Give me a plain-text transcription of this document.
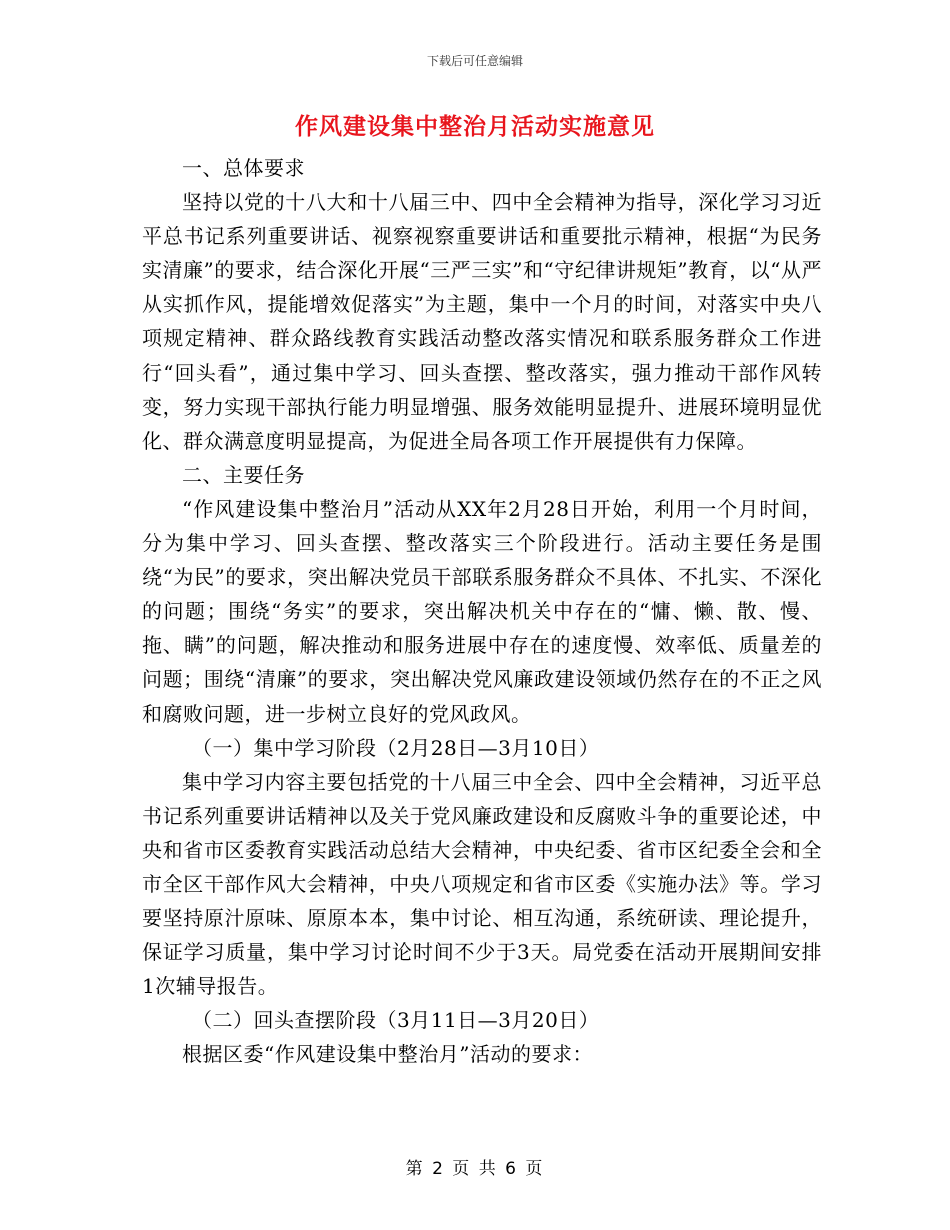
下载后可任意编辑
作风建设集中整治月活动实施意见

一、总体要求

坚持以党的十八大和十八届三中、四中全会精神为指导，深化学习习近平总书记系列重要讲话、视察视察重要讲话和重要批示精神，根据“为民务实清廉”的要求，结合深化开展“三严三实”和“守纪律讲规矩”教育，以“从严从实抓作风，提能增效促落实”为主题，集中一个月的时间，对落实中央八项规定精神、群众路线教育实践活动整改落实情况和联系服务群众工作进行“回头看”，通过集中学习、回头查摆、整改落实，强力推动干部作风转变，努力实现干部执行能力明显增强、服务效能明显提升、进展环境明显优化、群众满意度明显提高，为促进全局各项工作开展提供有力保障。

二、主要任务

“作风建设集中整治月”活动从XX年2月28日开始，利用一个月时间，分为集中学习、回头查摆、整改落实三个阶段进行。活动主要任务是围绕“为民”的要求，突出解决党员干部联系服务群众不具体、不扎实、不深化的问题；围绕“务实”的要求，突出解决机关中存在的“慵、懒、散、慢、拖、瞒”的问题，解决推动和服务进展中存在的速度慢、效率低、质量差的问题；围绕“清廉”的要求，突出解决党风廉政建设领域仍然存在的不正之风和腐败问题，进一步树立良好的党风政风。

（一）集中学习阶段（2月28日—3月10日）

集中学习内容主要包括党的十八届三中全会、四中全会精神，习近平总书记系列重要讲话精神以及关于党风廉政建设和反腐败斗争的重要论述，中央和省市区委教育实践活动总结大会精神，中央纪委、省市区纪委全会和全市全区干部作风大会精神，中央八项规定和省市区委《实施办法》等。学习要坚持原汁原味、原原本本，集中讨论、相互沟通，系统研读、理论提升，保证学习质量，集中学习讨论时间不少于3天。局党委在活动开展期间安排1次辅导报告。

（二）回头查摆阶段（3月11日—3月20日）

根据区委“作风建设集中整治月”活动的要求：

第 2 页 共 6 页
